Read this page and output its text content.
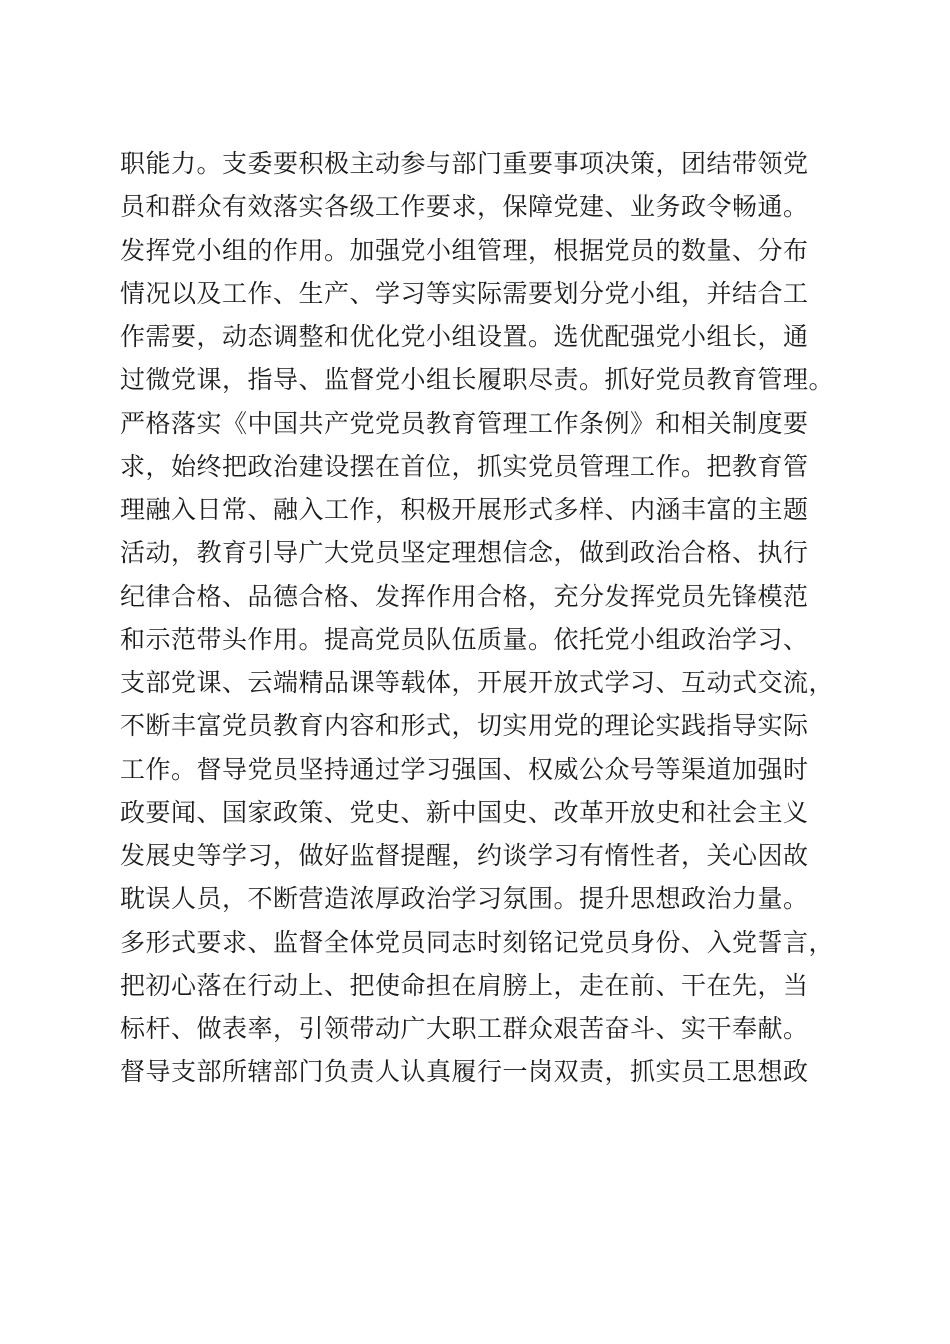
职能力。支委要积极主动参与部门重要事项决策，团结带领党
员和群众有效落实各级工作要求，保障党建、业务政令畅通。
发挥党小组的作用。加强党小组管理，根据党员的数量、分布
情况以及工作、生产、学习等实际需要划分党小组，并结合工
作需要，动态调整和优化党小组设置。选优配强党小组长，通
过微党课，指导、监督党小组长履职尽责。抓好党员教育管理。
严格落实《中国共产党党员教育管理工作条例》和相关制度要
求，始终把政治建设摆在首位，抓实党员管理工作。把教育管
理融入日常、融入工作，积极开展形式多样、内涵丰富的主题
活动，教育引导广大党员坚定理想信念，做到政治合格、执行
纪律合格、品德合格、发挥作用合格，充分发挥党员先锋模范
和示范带头作用。提高党员队伍质量。依托党小组政治学习、
支部党课、云端精品课等载体，开展开放式学习、互动式交流，
不断丰富党员教育内容和形式，切实用党的理论实践指导实际
工作。督导党员坚持通过学习强国、权威公众号等渠道加强时
政要闻、国家政策、党史、新中国史、改革开放史和社会主义
发展史等学习，做好监督提醒，约谈学习有惰性者，关心因故
耽误人员，不断营造浓厚政治学习氛围。提升思想政治力量。
多形式要求、监督全体党员同志时刻铭记党员身份、入党誓言，
把初心落在行动上、把使命担在肩膀上，走在前、干在先，当
标杆、做表率，引领带动广大职工群众艰苦奋斗、实干奉献。
督导支部所辖部门负责人认真履行一岗双责，抓实员工思想政
